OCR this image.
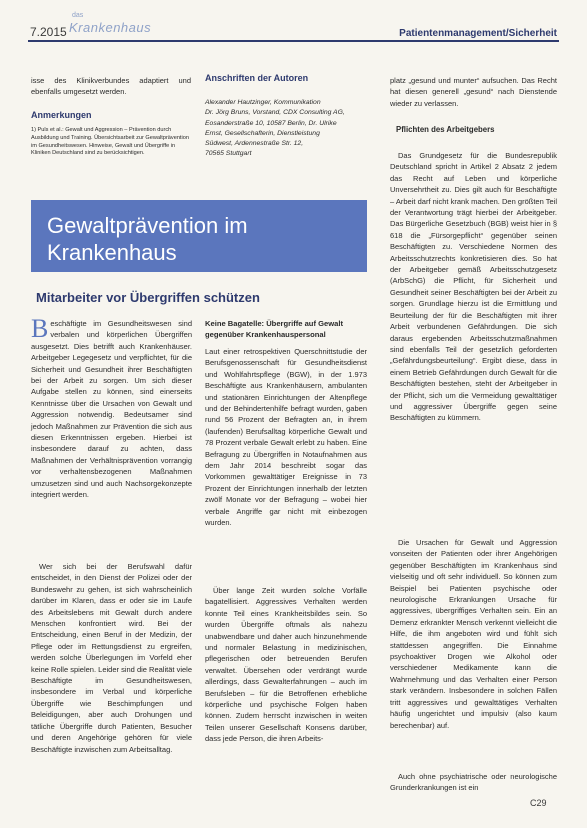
7.2015
das
Krankenhaus	Patientenmanagement/Sicherheit
isse des Klinikverbundes adaptiert und ebenfalls umgesetzt werden.
Anmerkungen
1) Puls et al.: Gewalt und Aggression – Prävention durch Ausbildung und Training. Übersichtsarbeit zur Gewaltprävention im Gesundheitswesen. Hinweise, Gewalt und Übergriffe in Kliniken Deutschland sind zu berücksichtigen.
Anschriften der Autoren
Alexander Hautzinger, Kommunikation
Dr. Jörg Bruns, Vorstand, CDX Consulting AG,
Eosanderstraße 10, 10587 Berlin, Dr. Ulrike
Ernst, Gesellschafterin, Dienstleistung
Südwest, Ardennestraße Str. 12,
70565 Stuttgart
platz „gesund und munter“ aufsuchen. Das Recht hat diesen generell „gesund“ nach Dienstende wieder zu verlassen.
Pflichten des Arbeitgebers
Das Grundgesetz für die Bundesrepublik Deutschland spricht in Artikel 2 Absatz 2 jedem das Recht auf Leben und körperliche Unversehrtheit zu. Dies gilt auch für Beschäftigte – Arbeit darf nicht krank machen. Den größten Teil der Verantwortung trägt hierbei der Arbeitgeber. Das Bürgerliche Gesetzbuch (BGB) weist hier in § 618 die „Fürsorgepflicht“ gegenüber seinen Beschäftigten zu. Verschiedene Normen des Arbeitsschutzrechts konkretisieren dies. So hat der Arbeitgeber gemäß Arbeitsschutzgesetz (ArbSchG) die Pflicht, für Sicherheit und Gesundheit seiner Beschäftigten bei der Arbeit zu sorgen. Grundlage hierzu ist die Ermittlung und Beurteilung der für die Beschäftigten mit ihrer Arbeit verbundenen Gefährdungen. Die sich daraus ergebenden Arbeitsschutzmaßnahmen sind ebenfalls Teil der gesetzlich geforderten „Gefährdungsbeurteilung“. Ergibt diese, dass in einem Betrieb Gefährdungen durch Gewalt für die Beschäftigten bestehen, steht der Arbeitgeber in der Pflicht, sich um die Vermeidung gewalttätiger und aggressiver Übergriffe gegen seine Beschäftigten zu kümmern.
Die Ursachen für Gewalt und Aggression vonseiten der Patienten oder ihrer Angehörigen gegenüber Beschäftigten im Krankenhaus sind vielseitig und oft sehr individuell. So können zum Beispiel bei Patienten psychische oder neurologische Erkrankungen Ursache für aggressives, übergriffiges Verhalten sein. Ein an Demenz erkrankter Mensch verkennt vielleicht die Hilfe, die ihm angeboten wird und fühlt sich stattdessen angegriffen. Die Einnahme psychoaktiver Drogen wie Alkohol oder verschiedener Medikamente kann die Wahrnehmung und das Verhalten einer Person stark verändern. Insbesondere in solchen Fällen tritt aggressives und gewalttätiges Verhalten häufig ungerichtet und impulsiv (also kaum berechenbar) auf.
Auch ohne psychiatrische oder neurologische Grunderkrankungen ist ein
Gewaltprävention im Krankenhaus
Mitarbeiter vor Übergriffen schützen
Beschäftigte im Gesundheitswesen sind verbalen und körperlichen Übergriffen ausgesetzt. Dies betrifft auch Krankenhäuser. Arbeitgeber Legegesetz und verpflichtet, für die Sicherheit und Gesundheit ihrer Beschäftigten bei der Arbeit zu sorgen. Um sich dieser Aufgabe stellen zu können, sind einerseits Kenntnisse über die Ursachen von Gewalt und Aggression notwendig. Bedeutsamer sind jedoch Maßnahmen zur Prävention die sich aus diesen Erkenntnissen ergeben. Hierbei ist insbesondere darauf zu achten, dass Maßnahmen der Verhältnisprävention vorrangig vor verhaltensbezogenen Maßnahmen umzusetzen sind und auch Nachsorgekonzepte integriert werden.
Wer sich bei der Berufswahl dafür entscheidet, in den Dienst der Polizei oder der Bundeswehr zu gehen, ist sich wahrscheinlich darüber im Klaren, dass er oder sie im Laufe des Arbeitslebens mit Gewalt durch andere Menschen konfrontiert wird. Bei der Entscheidung, einen Beruf in der Medizin, der Pflege oder im Rettungsdienst zu ergreifen, werden solche Überlegungen im Vorfeld eher keine Rolle spielen. Leider sind die Realität viele Beschäftigte im Gesundheitswesen, insbesondere im Verbal und körperliche Übergriffe wie Beschimpfungen und Beleidigungen, aber auch Drohungen und tätliche Übergriffe durch Patienten, Besucher und deren Angehörige gehören für viele Beschäftigte inzwischen zum Arbeitsalltag.
Keine Bagatelle: Übergriffe auf Gewalt gegenüber Krankenhauspersonal
Laut einer retrospektiven Querschnittstudie der Berufsgenossenschaft für Gesundheitsdienst und Wohlfahrtspflege (BGW), in der 1.973 Beschäftigte aus Krankenhäusern, ambulanten und stationären Einrichtungen der Altenpflege und der Behindertenhilfe befragt wurden, gaben rund 56 Prozent der Befragten an, in ihrem (laufenden) Berufsalltag körperliche Gewalt und 78 Prozent verbale Gewalt erlebt zu haben. Eine Befragung zu Übergriffen in Notaufnahmen aus dem Jahr 2014 beschreibt sogar das Vorkommen gewalttätiger Ereignisse in 73 Prozent der Einrichtungen innerhalb der letzten zwölf Monate vor der Befragung – wobei hier verbale Angriffe gar nicht mit einbezogen wurden.
Über lange Zeit wurden solche Vorfälle bagatellisiert. Aggressives Verhalten werden konnte Teil eines Krankheitsbildes sein. So wurden Übergriffe oftmals als nahezu unabwendbare und daher auch hinzunehmende und normaler Belastung in medizinischen, pflegerischen oder betreuenden Berufen verwaltet. Übersehen oder verdrängt wurde allerdings, dass Gewalterfahrungen – auch im Berufsleben – für die Betroffenen erhebliche körperliche und psychische Folgen haben können. Zudem herrscht inzwischen in weiten Teilen unserer Gesellschaft Konsens darüber, dass jede Person, die ihren Arbeits-
C29
